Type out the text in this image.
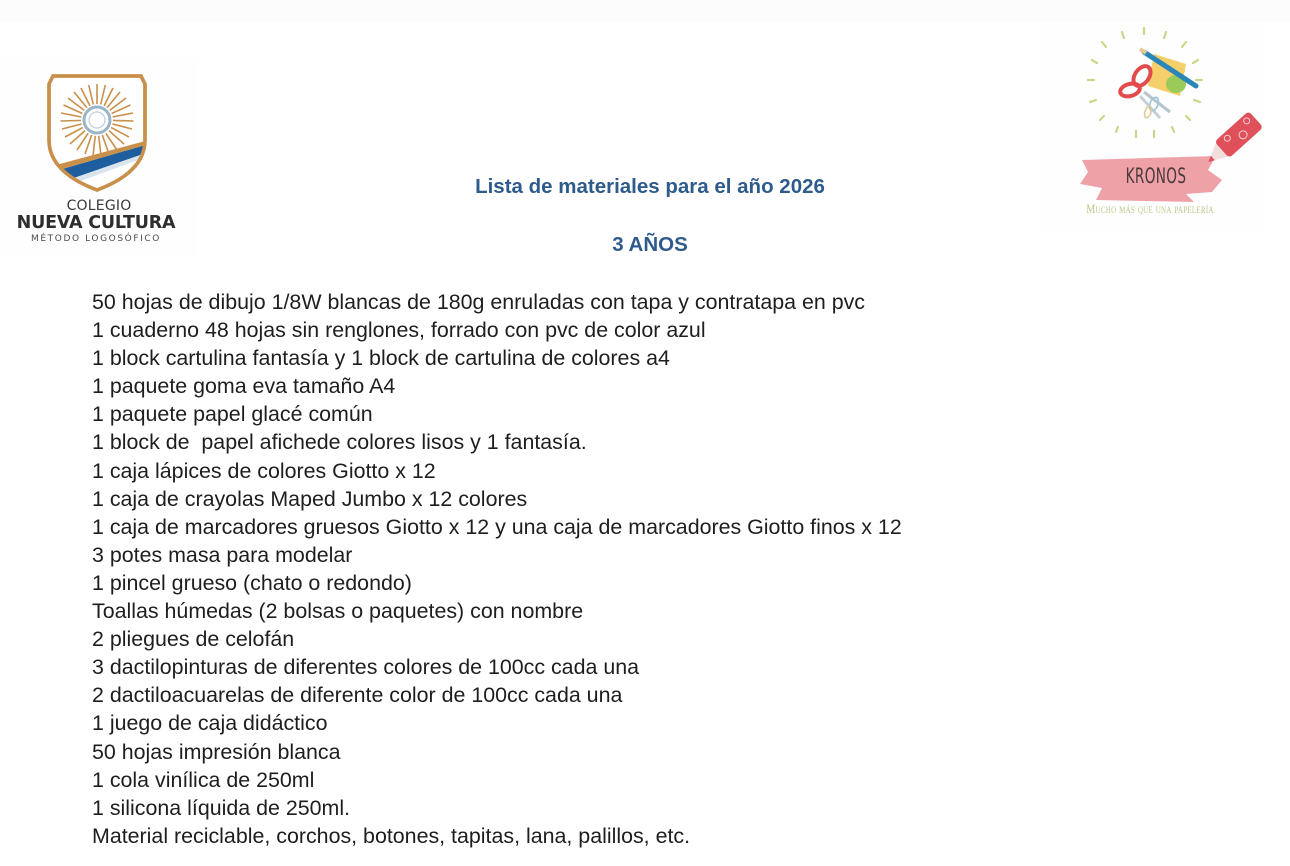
COLEGIO
NUEVA CULTURA
MÉTODO LOGOSÓFICO
KRONOS
Mucho más que una papelería
Lista de materiales para el año 2026
3 AÑOS
50 hojas de dibujo 1/8W blancas de 180g enruladas con tapa y contratapa en pvc
1 cuaderno 48 hojas sin renglones, forrado con pvc de color azul
1 block cartulina fantasía y 1 block de cartulina de colores a4
1 paquete goma eva tamaño A4
1 paquete papel glacé común
1 block de  papel afichede colores lisos y 1 fantasía.
1 caja lápices de colores Giotto x 12
1 caja de crayolas Maped Jumbo x 12 colores
1 caja de marcadores gruesos Giotto x 12 y una caja de marcadores Giotto finos x 12
3 potes masa para modelar
1 pincel grueso (chato o redondo)
Toallas húmedas (2 bolsas o paquetes) con nombre
2 pliegues de celofán
3 dactilopinturas de diferentes colores de 100cc cada una
2 dactiloacuarelas de diferente color de 100cc cada una
1 juego de caja didáctico
50 hojas impresión blanca
1 cola vinílica de 250ml
1 silicona líquida de 250ml.
Material reciclable, corchos, botones, tapitas, lana, palillos, etc.
